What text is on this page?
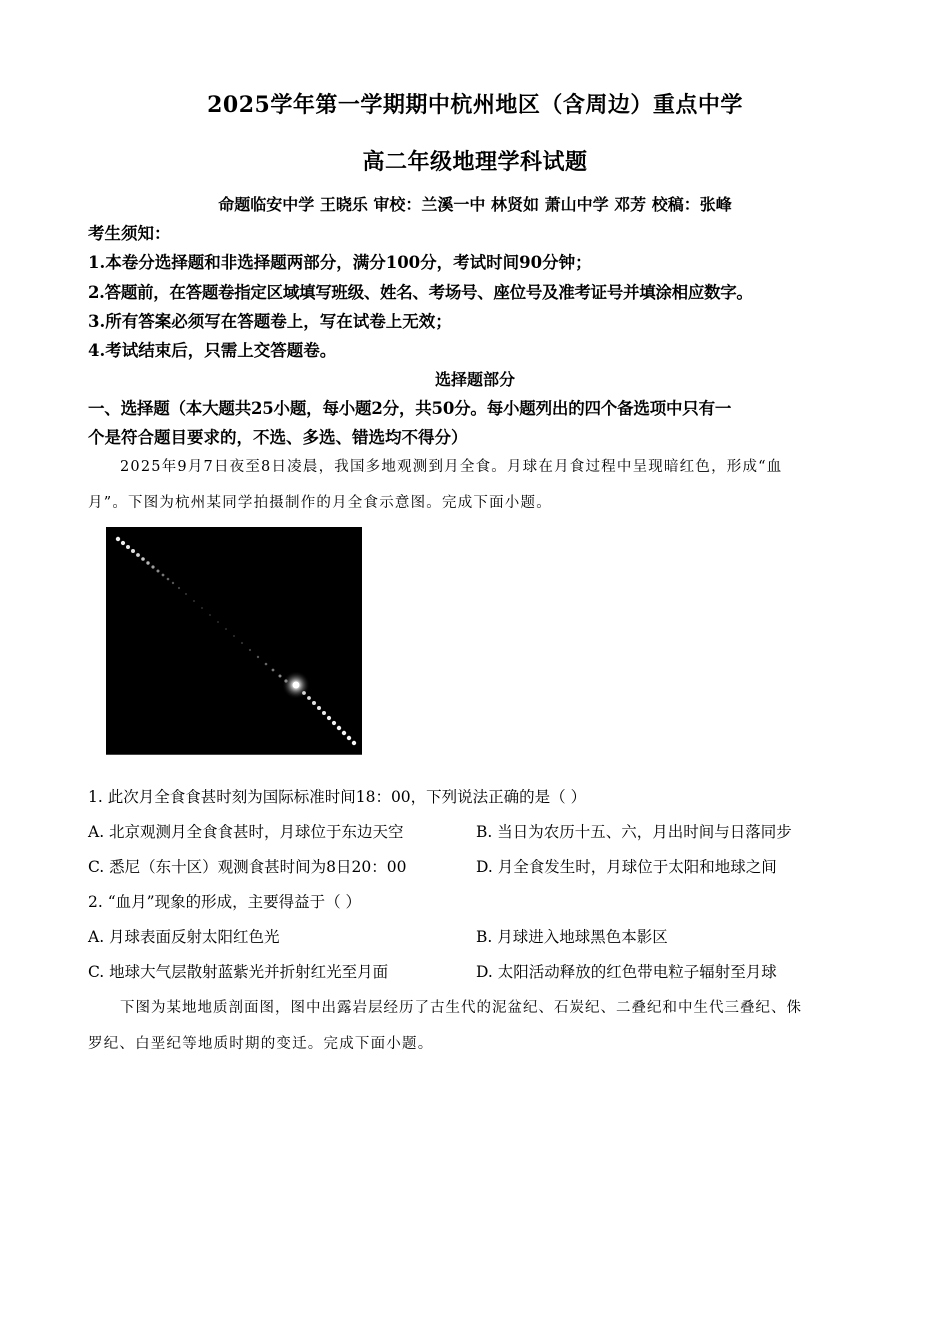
2025学年第一学期期中杭州地区（含周边）重点中学
高二年级地理学科试题
命题临安中学 王晓乐 审校：兰溪一中 林贤如 萧山中学 邓芳 校稿：张峰
考生须知：
1.本卷分选择题和非选择题两部分，满分100分，考试时间90分钟；
2.答题前，在答题卷指定区域填写班级、姓名、考场号、座位号及准考证号并填涂相应数字。
3.所有答案必须写在答题卷上，写在试卷上无效；
4.考试结束后，只需上交答题卷。
选择题部分
一、选择题（本大题共25小题，每小题2分，共50分。每小题列出的四个备选项中只有一
个是符合题目要求的，不选、多选、错选均不得分）
2025年9月7日夜至8日凌晨，我国多地观测到月全食。月球在月食过程中呈现暗红色，形成“血
月”。下图为杭州某同学拍摄制作的月全食示意图。完成下面小题。
1. 此次月全食食甚时刻为国际标准时间18：00，下列说法正确的是（ ）
A. 北京观测月全食食甚时，月球位于东边天空	B. 当日为农历十五、六，月出时间与日落同步
C. 悉尼（东十区）观测食甚时间为8日20：00	D. 月全食发生时，月球位于太阳和地球之间
2. “血月”现象的形成，主要得益于（ ）
A. 月球表面反射太阳红色光	B. 月球进入地球黑色本影区
C. 地球大气层散射蓝紫光并折射红光至月面	D. 太阳活动释放的红色带电粒子辐射至月球
下图为某地地质剖面图，图中出露岩层经历了古生代的泥盆纪、石炭纪、二叠纪和中生代三叠纪、侏
罗纪、白垩纪等地质时期的变迁。完成下面小题。
